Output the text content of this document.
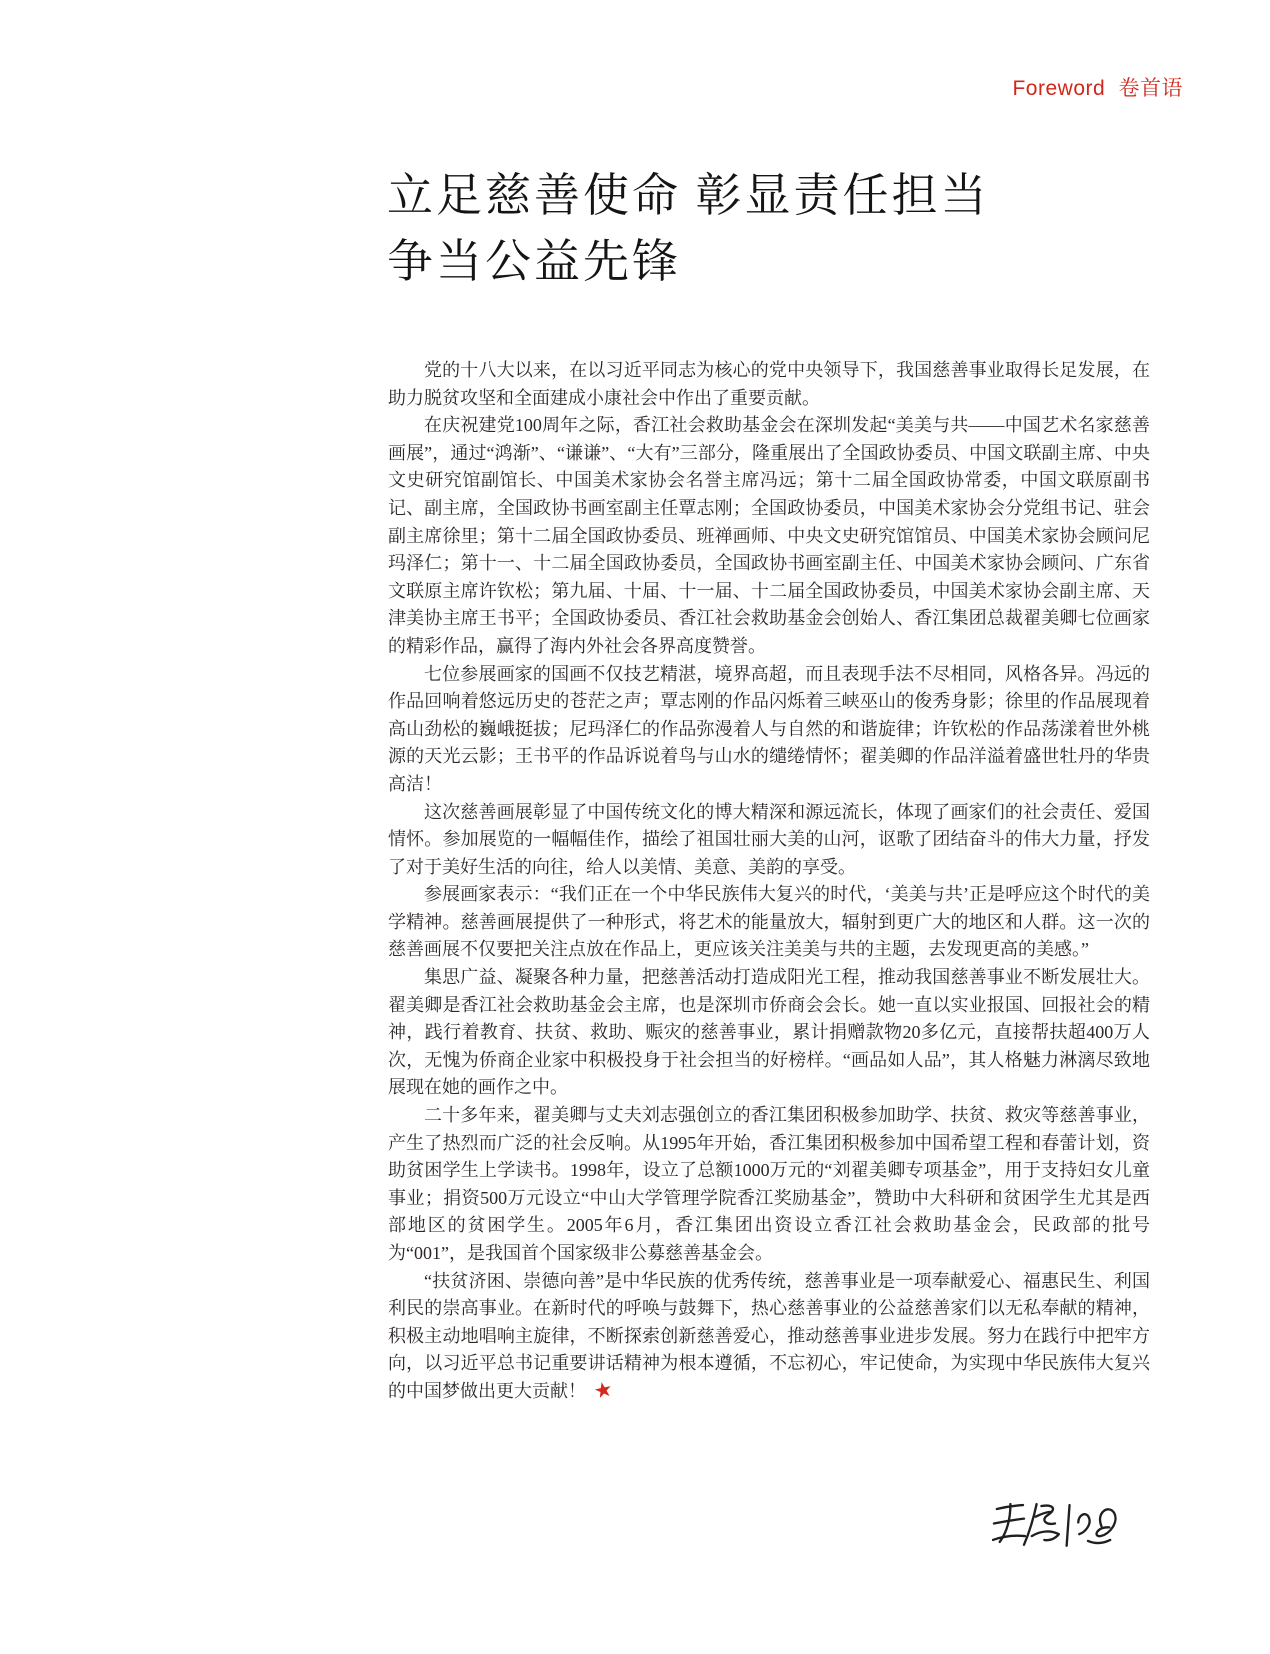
Foreword 卷首语
立足慈善使命 彰显责任担当
争当公益先锋

党的十八大以来，在以习近平同志为核心的党中央领导下，我国慈善事业取得长足发展，在助力脱贫攻坚和全面建成小康社会中作出了重要贡献。

在庆祝建党100周年之际，香江社会救助基金会在深圳发起“美美与共——中国艺术名家慈善画展”，通过“鸿渐”、“谦谦”、“大有”三部分，隆重展出了全国政协委员、中国文联副主席、中央文史研究馆副馆长、中国美术家协会名誉主席冯远；第十二届全国政协常委，中国文联原副书记、副主席，全国政协书画室副主任覃志刚；全国政协委员，中国美术家协会分党组书记、驻会副主席徐里；第十二届全国政协委员、班禅画师、中央文史研究馆馆员、中国美术家协会顾问尼玛泽仁；第十一、十二届全国政协委员，全国政协书画室副主任、中国美术家协会顾问、广东省文联原主席许钦松；第九届、十届、十一届、十二届全国政协委员，中国美术家协会副主席、天津美协主席王书平；全国政协委员、香江社会救助基金会创始人、香江集团总裁翟美卿七位画家的精彩作品，赢得了海内外社会各界高度赞誉。

七位参展画家的国画不仅技艺精湛，境界高超，而且表现手法不尽相同，风格各异。冯远的作品回响着悠远历史的苍茫之声；覃志刚的作品闪烁着三峡巫山的俊秀身影；徐里的作品展现着高山劲松的巍峨挺拔；尼玛泽仁的作品弥漫着人与自然的和谐旋律；许钦松的作品荡漾着世外桃源的天光云影；王书平的作品诉说着鸟与山水的缱绻情怀；翟美卿的作品洋溢着盛世牡丹的华贵高洁！

这次慈善画展彰显了中国传统文化的博大精深和源远流长，体现了画家们的社会责任、爱国情怀。参加展览的一幅幅佳作，描绘了祖国壮丽大美的山河，讴歌了团结奋斗的伟大力量，抒发了对于美好生活的向往，给人以美情、美意、美韵的享受。

参展画家表示：“我们正在一个中华民族伟大复兴的时代，‘美美与共’正是呼应这个时代的美学精神。慈善画展提供了一种形式，将艺术的能量放大，辐射到更广大的地区和人群。这一次的慈善画展不仅要把关注点放在作品上，更应该关注美美与共的主题，去发现更高的美感。”

集思广益、凝聚各种力量，把慈善活动打造成阳光工程，推动我国慈善事业不断发展壮大。翟美卿是香江社会救助基金会主席，也是深圳市侨商会会长。她一直以实业报国、回报社会的精神，践行着教育、扶贫、救助、赈灾的慈善事业，累计捐赠款物20多亿元，直接帮扶超400万人次，无愧为侨商企业家中积极投身于社会担当的好榜样。“画品如人品”，其人格魅力淋漓尽致地展现在她的画作之中。

二十多年来，翟美卿与丈夫刘志强创立的香江集团积极参加助学、扶贫、救灾等慈善事业，产生了热烈而广泛的社会反响。从1995年开始，香江集团积极参加中国希望工程和春蕾计划，资助贫困学生上学读书。1998年，设立了总额1000万元的“刘翟美卿专项基金”，用于支持妇女儿童事业；捐资500万元设立“中山大学管理学院香江奖励基金”，赞助中大科研和贫困学生尤其是西部地区的贫困学生。2005年6月，香江集团出资设立香江社会救助基金会，民政部的批号为“001”，是我国首个国家级非公募慈善基金会。

“扶贫济困、崇德向善”是中华民族的优秀传统，慈善事业是一项奉献爱心、福惠民生、利国利民的崇高事业。在新时代的呼唤与鼓舞下，热心慈善事业的公益慈善家们以无私奉献的精神，积极主动地唱响主旋律，不断探索创新慈善爱心，推动慈善事业进步发展。努力在践行中把牢方向，以习近平总书记重要讲话精神为根本遵循，不忘初心，牢记使命，为实现中华民族伟大复兴的中国梦做出更大贡献！ ★
